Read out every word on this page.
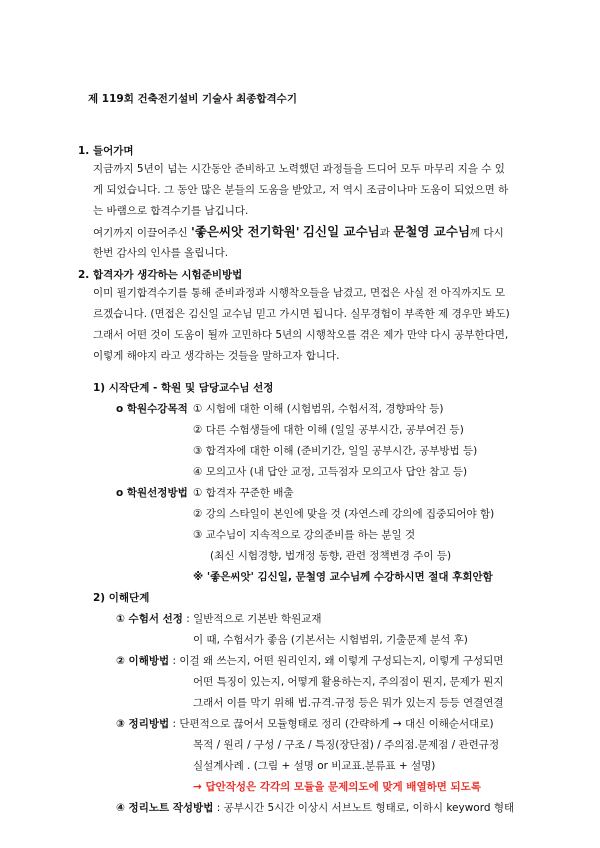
제 119회 건축전기설비 기술사 최종합격수기
1. 들어가며
지금까지 5년이 넘는 시간동안 준비하고 노력했던 과정들을 드디어 모두 마무리 지을 수 있
게 되었습니다. 그 동안 많은 분들의 도움을 받았고, 저 역시 조금이나마 도움이 되었으면 하
는 바램으로 합격수기를 남깁니다.
여기까지 이끌어주신 '좋은씨앗 전기학원' 김신일 교수님과 문철영 교수님께 다시
한번 감사의 인사를 올립니다.
2. 합격자가 생각하는 시험준비방법
이미 필기합격수기를 통해 준비과정과 시행착오들을 남겼고, 면접은 사실 전 아직까지도 모
르겠습니다. (면접은 김신일 교수님 믿고 가시면 됩니다. 실무경험이 부족한 제 경우만 봐도)
그래서 어떤 것이 도움이 될까 고민하다 5년의 시행착오를 겪은 제가 만약 다시 공부한다면,
이렇게 해야지 라고 생각하는 것들을 말하고자 합니다.
1) 시작단계 - 학원 및 담당교수님 선정
o 학원수강목적 ① 시험에 대한 이해 (시험범위, 수험서적, 경향파악 등)
② 다른 수험생들에 대한 이해 (일일 공부시간, 공부여건 등)
③ 합격자에 대한 이해 (준비기간, 일일 공부시간, 공부방법 등)
④ 모의고사 (내 답안 교정, 고득점자 모의고사 답안 참고 등)
o 학원선정방법 ① 합격자 꾸준한 배출
② 강의 스타일이 본인에 맞을 것 (자연스레 강의에 집중되어야 함)
③ 교수님이 지속적으로 강의준비를 하는 분일 것
(최신 시험경향, 법개정 동향, 관련 정책변경 주이 등)
※ '좋은씨앗' 김신일, 문철영 교수님께 수강하시면 절대 후회안함
2) 이해단계
① 수험서 선정 : 일반적으로 기본반 학원교재
이 때, 수험서가 좋음 (기본서는 시험범위, 기출문제 분석 후)
② 이해방법 : 이걸 왜 쓰는지, 어떤 원리인지, 왜 이렇게 구성되는지, 이렇게 구성되면
어떤 특징이 있는지, 어떻게 활용하는지, 주의점이 뭔지, 문제가 뭔지
그래서 이를 막기 위해 법.규격.규정 등은 뭐가 있는지 등등 연결연결
③ 정리방법 : 단편적으로 끊어서 모듈형태로 정리 (간략하게 → 대신 이해순서대로)
목적 / 원리 / 구성 / 구조 / 특징(장단점) / 주의점.문제점 / 관련규정
실설계사례 . (그림 + 설명 or 비교표.분류표 + 설명)
→ 답안작성은 각각의 모듈을 문제의도에 맞게 배열하면 되도록
④ 정리노트 작성방법 : 공부시간 5시간 이상시 서브노트 형태로, 이하시 keyword 형태
